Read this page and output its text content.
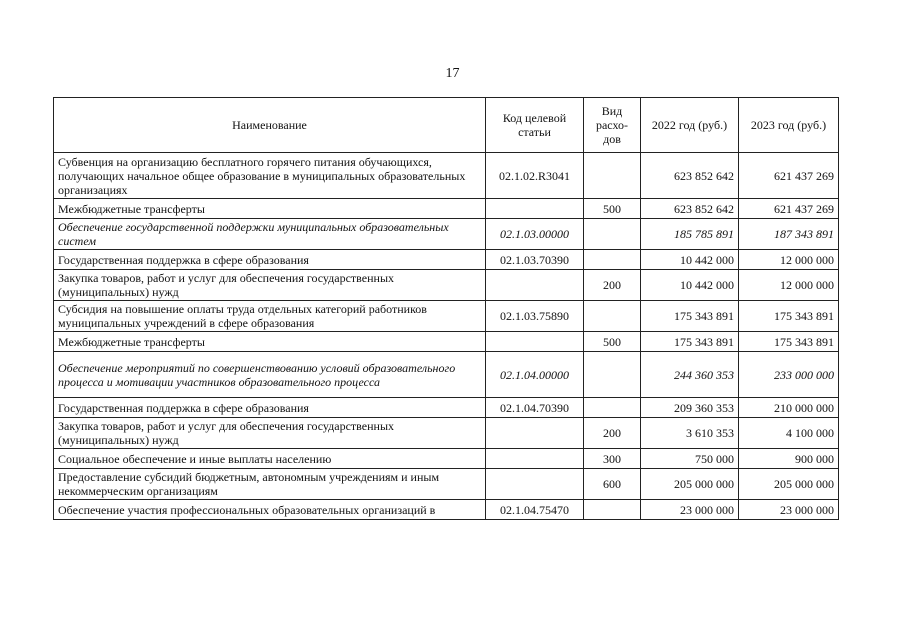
17
Наименование	Код целевой статьи	Вид расхо-дов	2022 год (руб.)	2023 год (руб.)
Субвенция на организацию бесплатного горячего питания обучающихся, получающих начальное общее образование в муниципальных образовательных организациях	02.1.02.R3041		623 852 642	621 437 269
Межбюджетные трансферты		500	623 852 642	621 437 269
Обеспечение государственной поддержки муниципальных образовательных систем	02.1.03.00000		185 785 891	187 343 891
Государственная поддержка в сфере образования	02.1.03.70390		10 442 000	12 000 000
Закупка товаров, работ и услуг для обеспечения государственных (муниципальных) нужд		200	10 442 000	12 000 000
Субсидия на повышение оплаты труда отдельных категорий работников муниципальных учреждений в сфере образования	02.1.03.75890		175 343 891	175 343 891
Межбюджетные трансферты		500	175 343 891	175 343 891
Обеспечение мероприятий по совершенствованию условий образовательного процесса и мотивации участников образовательного процесса	02.1.04.00000		244 360 353	233 000 000
Государственная поддержка в сфере образования	02.1.04.70390		209 360 353	210 000 000
Закупка товаров, работ и услуг для обеспечения государственных (муниципальных) нужд		200	3 610 353	4 100 000
Социальное обеспечение и иные выплаты населению		300	750 000	900 000
Предоставление субсидий бюджетным, автономным учреждениям и иным некоммерческим организациям		600	205 000 000	205 000 000
Обеспечение участия профессиональных образовательных организаций в	02.1.04.75470		23 000 000	23 000 000
